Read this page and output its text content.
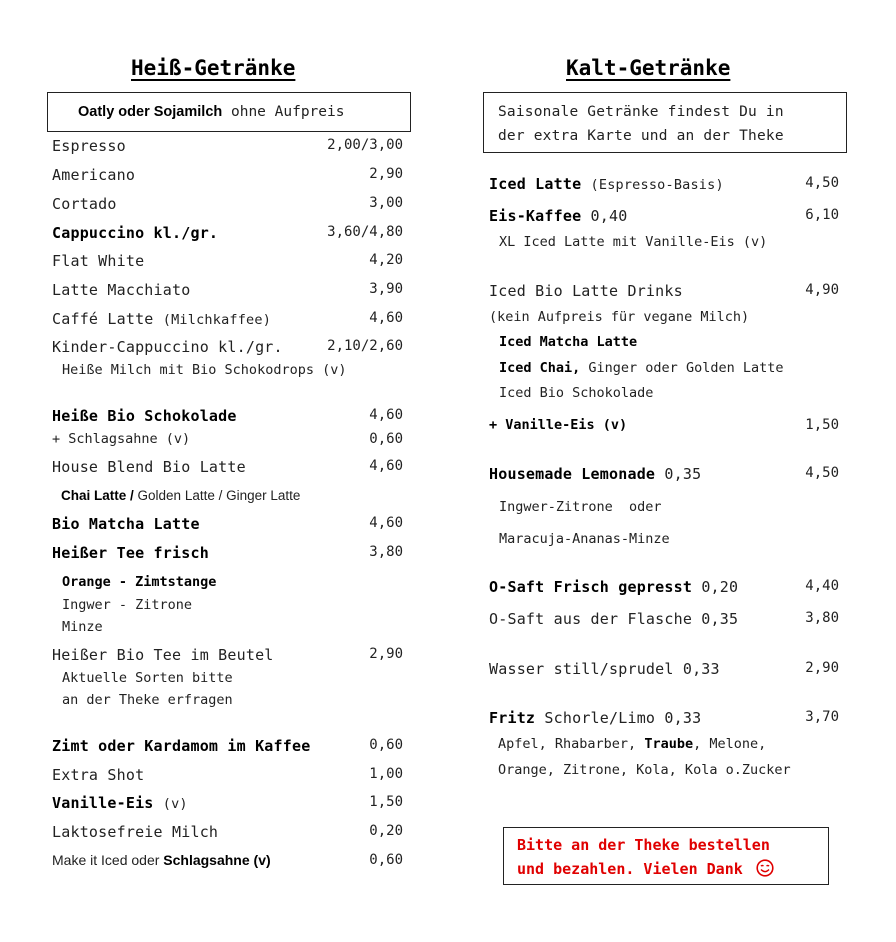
Heiß-Getränke
Oatly oder Sojamilch ohne Aufpreis
Espresso	2,00/3,00
Americano	2,90
Cortado	3,00
Cappuccino kl./gr.	3,60/4,80
Flat White	4,20
Latte Macchiato	3,90
Caffé Latte (Milchkaffee)	4,60
Kinder-Cappuccino kl./gr.	2,10/2,60
Heiße Milch mit Bio Schokodrops (v)
Heiße Bio Schokolade	4,60
+ Schlagsahne (v)	0,60
House Blend Bio Latte	4,60
Chai Latte / Golden Latte / Ginger Latte
Bio Matcha Latte	4,60
Heißer Tee frisch	3,80
Orange - Zimtstange
Ingwer - Zitrone
Minze
Heißer Bio Tee im Beutel	2,90
Aktuelle Sorten bitte
an der Theke erfragen
Zimt oder Kardamom im Kaffee	0,60
Extra Shot	1,00
Vanille-Eis (v)	1,50
Laktosefreie Milch	0,20
Make it Iced oder Schlagsahne (v)	0,60
Kalt-Getränke
Saisonale Getränke findest Du in
der extra Karte und an der Theke
Iced Latte (Espresso-Basis)	4,50
Eis-Kaffee 0,40	6,10
XL Iced Latte mit Vanille-Eis (v)
Iced Bio Latte Drinks	4,90
(kein Aufpreis für vegane Milch)
Iced Matcha Latte
Iced Chai, Ginger oder Golden Latte
Iced Bio Schokolade
+ Vanille-Eis (v)	1,50
Housemade Lemonade 0,35	4,50
Ingwer-Zitrone  oder
Maracuja-Ananas-Minze
O-Saft Frisch gepresst 0,20	4,40
O-Saft aus der Flasche 0,35	3,80
Wasser still/sprudel 0,33	2,90
Fritz Schorle/Limo 0,33	3,70
Apfel, Rhabarber, Traube, Melone,
Orange, Zitrone, Kola, Kola o.Zucker
Bitte an der Theke bestellen
und bezahlen. Vielen Dank
